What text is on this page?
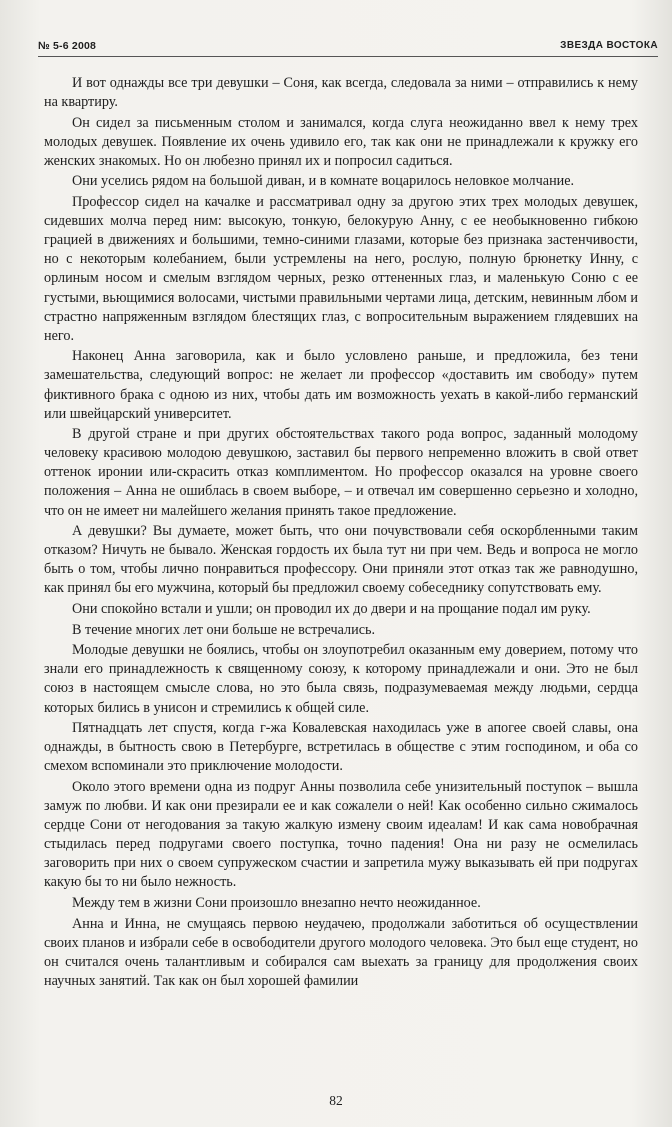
№ 5-6 2008	ЗВЕЗДА ВОСТОКА

И вот однажды все три девушки – Соня, как всегда, следовала за ними – отправились к нему на квартиру.

Он сидел за письменным столом и занимался, когда слуга неожиданно ввел к нему трех молодых девушек. Появление их очень удивило его, так как они не принадлежали к кружку его женских знакомых. Но он любезно принял их и попросил садиться.

Они уселись рядом на большой диван, и в комнате воцарилось неловкое молчание.

Профессор сидел на качалке и рассматривал одну за другою этих трех молодых девушек, сидевших молча перед ним: высокую, тонкую, белокурую Анну, с ее необыкновенно гибкою грацией в движениях и большими, темно-синими глазами, которые без признака застенчивости, но с некоторым колебанием, были устремлены на него, рослую, полную брюнетку Инну, с орлиным носом и смелым взглядом черных, резко оттененных глаз, и маленькую Соню с ее густыми, вьющимися волосами, чистыми правильными чертами лица, детским, невинным лбом и страстно напряженным взглядом блестящих глаз, с вопросительным выражением глядевших на него.

Наконец Анна заговорила, как и было условлено раньше, и предложила, без тени замешательства, следующий вопрос: не желает ли профессор «доставить им свободу» путем фиктивного брака с одною из них, чтобы дать им возможность уехать в какой-либо германский или швейцарский университет.

В другой стране и при других обстоятельствах такого рода вопрос, заданный молодому человеку красивою молодою девушкою, заставил бы первого непременно вложить в свой ответ оттенок иронии или-скрасить отказ комплиментом. Но профессор оказался на уровне своего положения – Анна не ошиблась в своем выборе, – и отвечал им совершенно серьезно и холодно, что он не имеет ни малейшего желания принять такое предложение.

А девушки? Вы думаете, может быть, что они почувствовали себя оскорбленными таким отказом? Ничуть не бывало. Женская гордость их была тут ни при чем. Ведь и вопроса не могло быть о том, чтобы лично понравиться профессору. Они приняли этот отказ так же равнодушно, как принял бы его мужчина, который бы предложил своему собеседнику сопутствовать ему.

Они спокойно встали и ушли; он проводил их до двери и на прощание подал им руку.

В течение многих лет они больше не встречались.

Молодые девушки не боялись, чтобы он злоупотребил оказанным ему доверием, потому что знали его принадлежность к священному союзу, к которому принадлежали и они. Это не был союз в настоящем смысле слова, но это была связь, подразумеваемая между людьми, сердца которых бились в унисон и стремились к общей силе.

Пятнадцать лет спустя, когда г-жа Ковалевская находилась уже в апогее своей славы, она однажды, в бытность свою в Петербурге, встретилась в обществе с этим господином, и оба со смехом вспоминали это приключение молодости.

Около этого времени одна из подруг Анны позволила себе унизительный поступок – вышла замуж по любви. И как они презирали ее и как сожалели о ней! Как особенно сильно сжималось сердце Сони от негодования за такую жалкую измену своим идеалам! И как сама новобрачная стыдилась перед подругами своего поступка, точно падения! Она ни разу не осмелилась заговорить при них о своем супружеском счастии и запретила мужу выказывать ей при подругах какую бы то ни было нежность.

Между тем в жизни Сони произошло внезапно нечто неожиданное.

Анна и Инна, не смущаясь первою неудачею, продолжали заботиться об осуществлении своих планов и избрали себе в освободители другого молодого человека. Это был еще студент, но он считался очень талантливым и собирался сам выехать за границу для продолжения своих научных занятий. Так как он был хорошей фамилии

82
